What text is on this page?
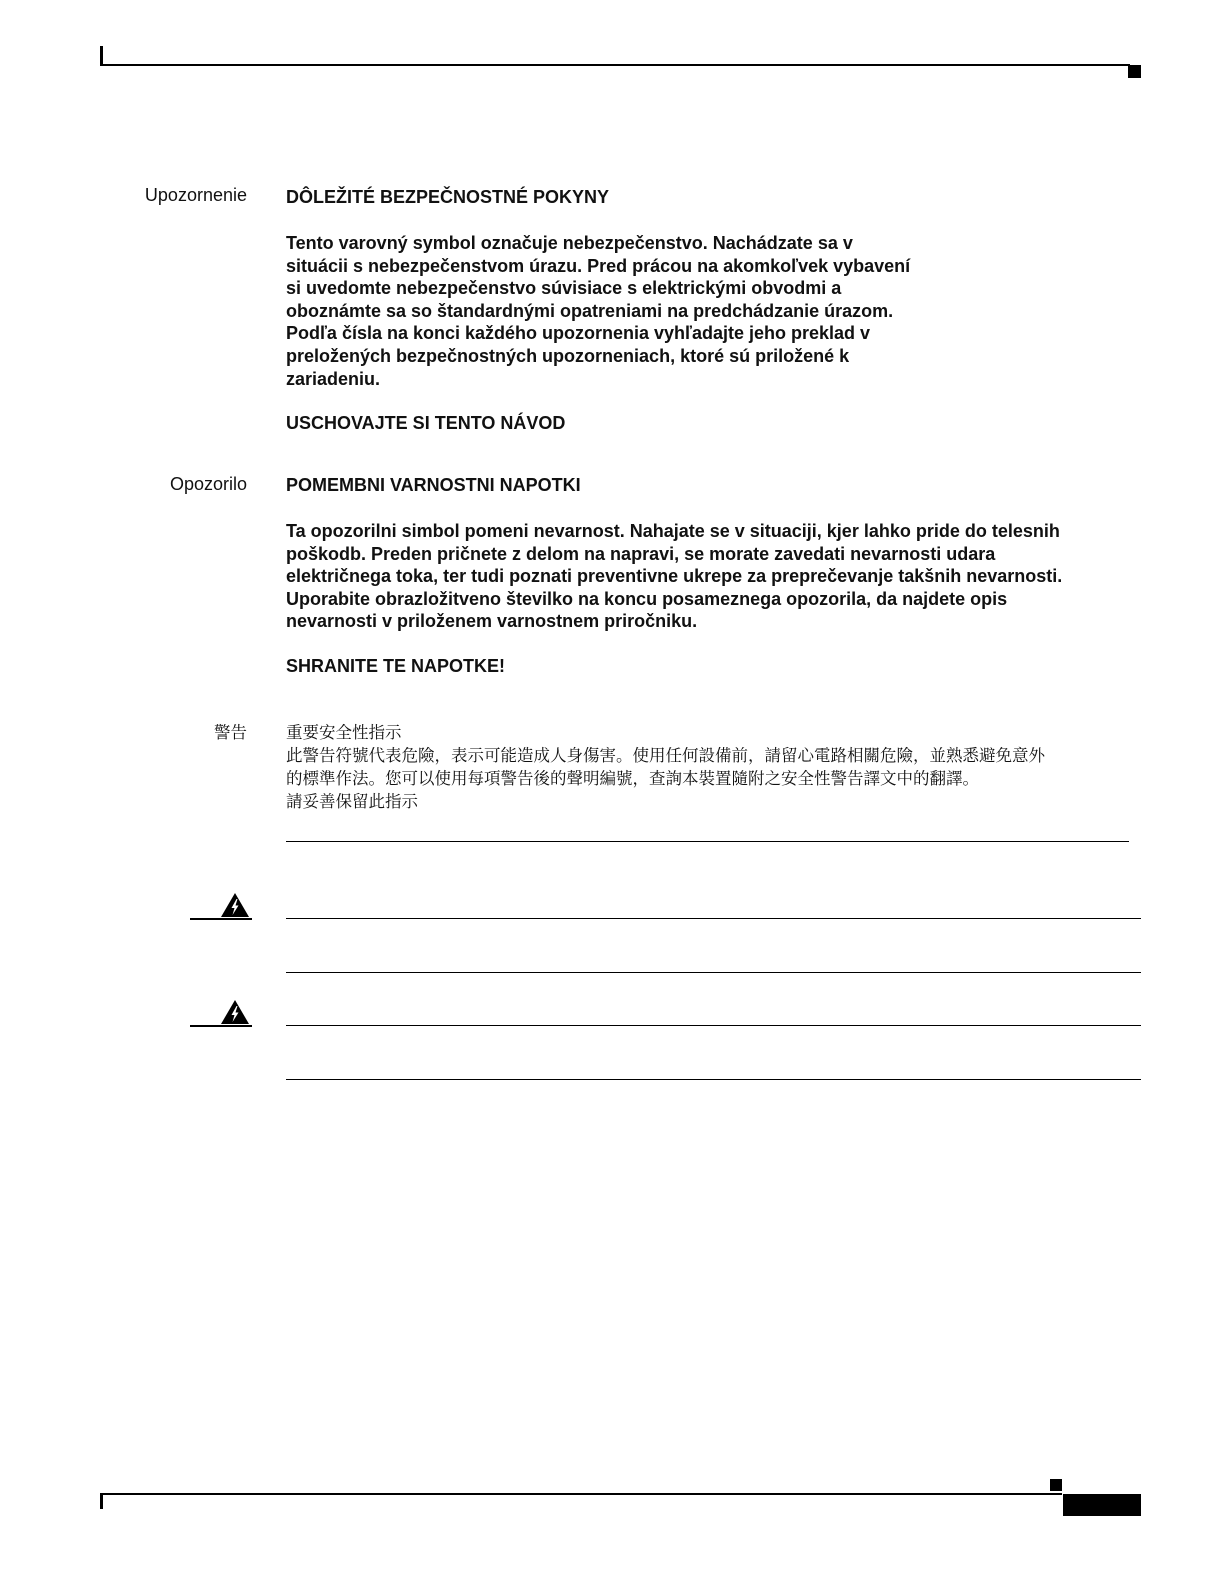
Upozornenie DÔLEŽITÉ BEZPEČNOSTNÉ POKYNY

Tento varovný symbol označuje nebezpečenstvo. Nachádzate sa v

situácii s nebezpečenstvom úrazu. Pred prácou na akomkoľvek vybavení

si uvedomte nebezpečenstvo súvisiace s elektrickými obvodmi a

oboznámte sa so štandardnými opatreniami na predchádzanie úrazom.

Podľa čísla na konci každého upozornenia vyhľadajte jeho preklad v

preložených bezpečnostných upozorneniach, ktoré sú priložené k

zariadeniu.

USCHOVAJTE SI TENTO NÁVOD

Opozorilo POMEMBNI VARNOSTNI NAPOTKI

Ta opozorilni simbol pomeni nevarnost. Nahajate se v situaciji, kjer lahko pride do telesnih

poškodb. Preden pričnete z delom na napravi, se morate zavedati nevarnosti udara

električnega toka, ter tudi poznati preventivne ukrepe za preprečevanje takšnih nevarnosti.

Uporabite obrazložitveno številko na koncu posameznega opozorila, da najdete opis

nevarnosti v priloženem varnostnem priročniku.

SHRANITE TE NAPOTKE!

警告 重要安全性指示

此警告符號代表危險，表示可能造成人身傷害。使用任何設備前，請留心電路相關危險，並熟悉避免意外

的標準作法。您可以使用每項警告後的聲明編號，查詢本裝置隨附之安全性警告譯文中的翻譯。

請妥善保留此指示
